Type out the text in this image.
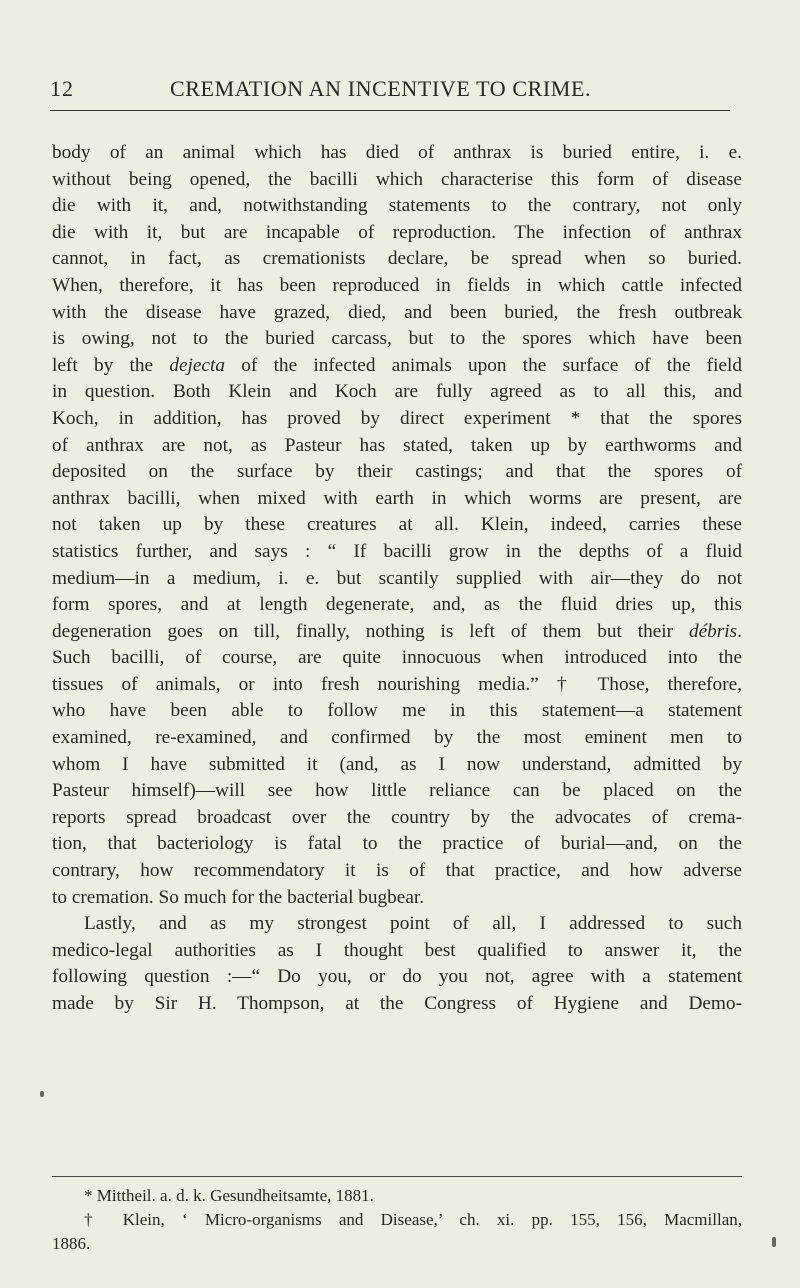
12	CREMATION AN INCENTIVE TO CRIME.
body of an animal which has died of anthrax is buried entire, i. e.
without being opened, the bacilli which characterise this form of disease
die with it, and, notwithstanding statements to the contrary, not only
die with it, but are incapable of reproduction. The infection of anthrax
cannot, in fact, as cremationists declare, be spread when so buried.
When, therefore, it has been reproduced in fields in which cattle infected
with the disease have grazed, died, and been buried, the fresh outbreak
is owing, not to the buried carcass, but to the spores which have been
left by the dejecta of the infected animals upon the surface of the field
in question. Both Klein and Koch are fully agreed as to all this, and
Koch, in addition, has proved by direct experiment * that the spores
of anthrax are not, as Pasteur has stated, taken up by earthworms and
deposited on the surface by their castings; and that the spores of
anthrax bacilli, when mixed with earth in which worms are present, are
not taken up by these creatures at all. Klein, indeed, carries these
statistics further, and says : “ If bacilli grow in the depths of a fluid
medium—in a medium, i. e. but scantily supplied with air—they do not
form spores, and at length degenerate, and, as the fluid dries up, this
degeneration goes on till, finally, nothing is left of them but their débris.
Such bacilli, of course, are quite innocuous when introduced into the
tissues of animals, or into fresh nourishing media.” † Those, therefore,
who have been able to follow me in this statement—a statement
examined, re-examined, and confirmed by the most eminent men to
whom I have submitted it (and, as I now understand, admitted by
Pasteur himself)—will see how little reliance can be placed on the
reports spread broadcast over the country by the advocates of crema-
tion, that bacteriology is fatal to the practice of burial—and, on the
contrary, how recommendatory it is of that practice, and how adverse
to cremation. So much for the bacterial bugbear.
Lastly, and as my strongest point of all, I addressed to such
medico-legal authorities as I thought best qualified to answer it, the
following question :—“ Do you, or do you not, agree with a statement
made by Sir H. Thompson, at the Congress of Hygiene and Demo-
* Mittheil. a. d. k. Gesundheitsamte, 1881.
† Klein, ‘ Micro-organisms and Disease,’ ch. xi. pp. 155, 156, Macmillan,
1886.
